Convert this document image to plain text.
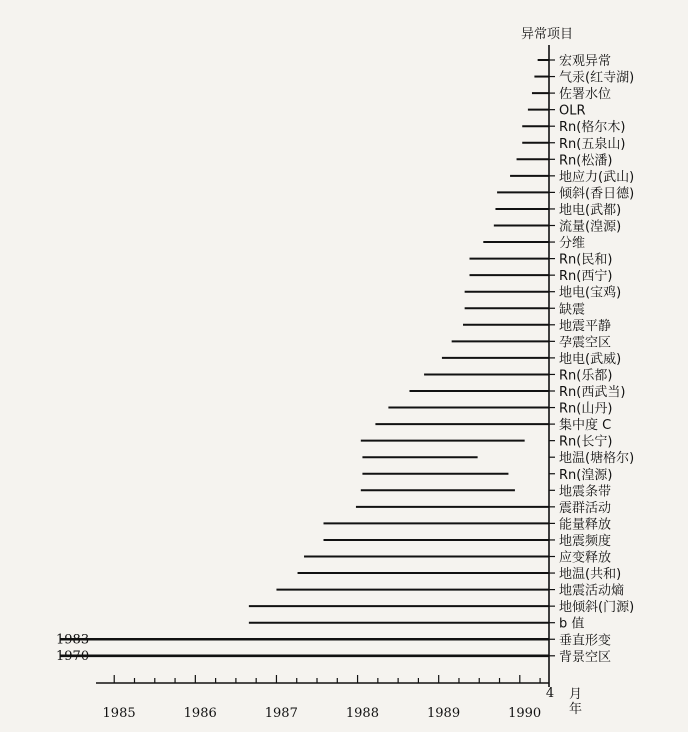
异常项目
月
年
4
1985	1986	1987	1988	1989	1990
宏观异常
气汞(红寺湖)
佐署水位
OLR
Rn(格尔木)
Rn(五泉山)
Rn(松潘)
地应力(武山)
倾斜(香日德)
地电(武都)
流量(湟源)
分维
Rn(民和)
Rn(西宁)
地电(宝鸡)
缺震
地震平静
孕震空区
地电(武威)
Rn(乐都)
Rn(西武当)
Rn(山丹)
集中度 C
Rn(长宁)
地温(塘格尔)
Rn(湟源)
地震条带
震群活动
能量释放
地震频度
应变释放
地温(共和)
地震活动熵
地倾斜(门源)
b 值
1983	垂直形变
1970	背景空区
